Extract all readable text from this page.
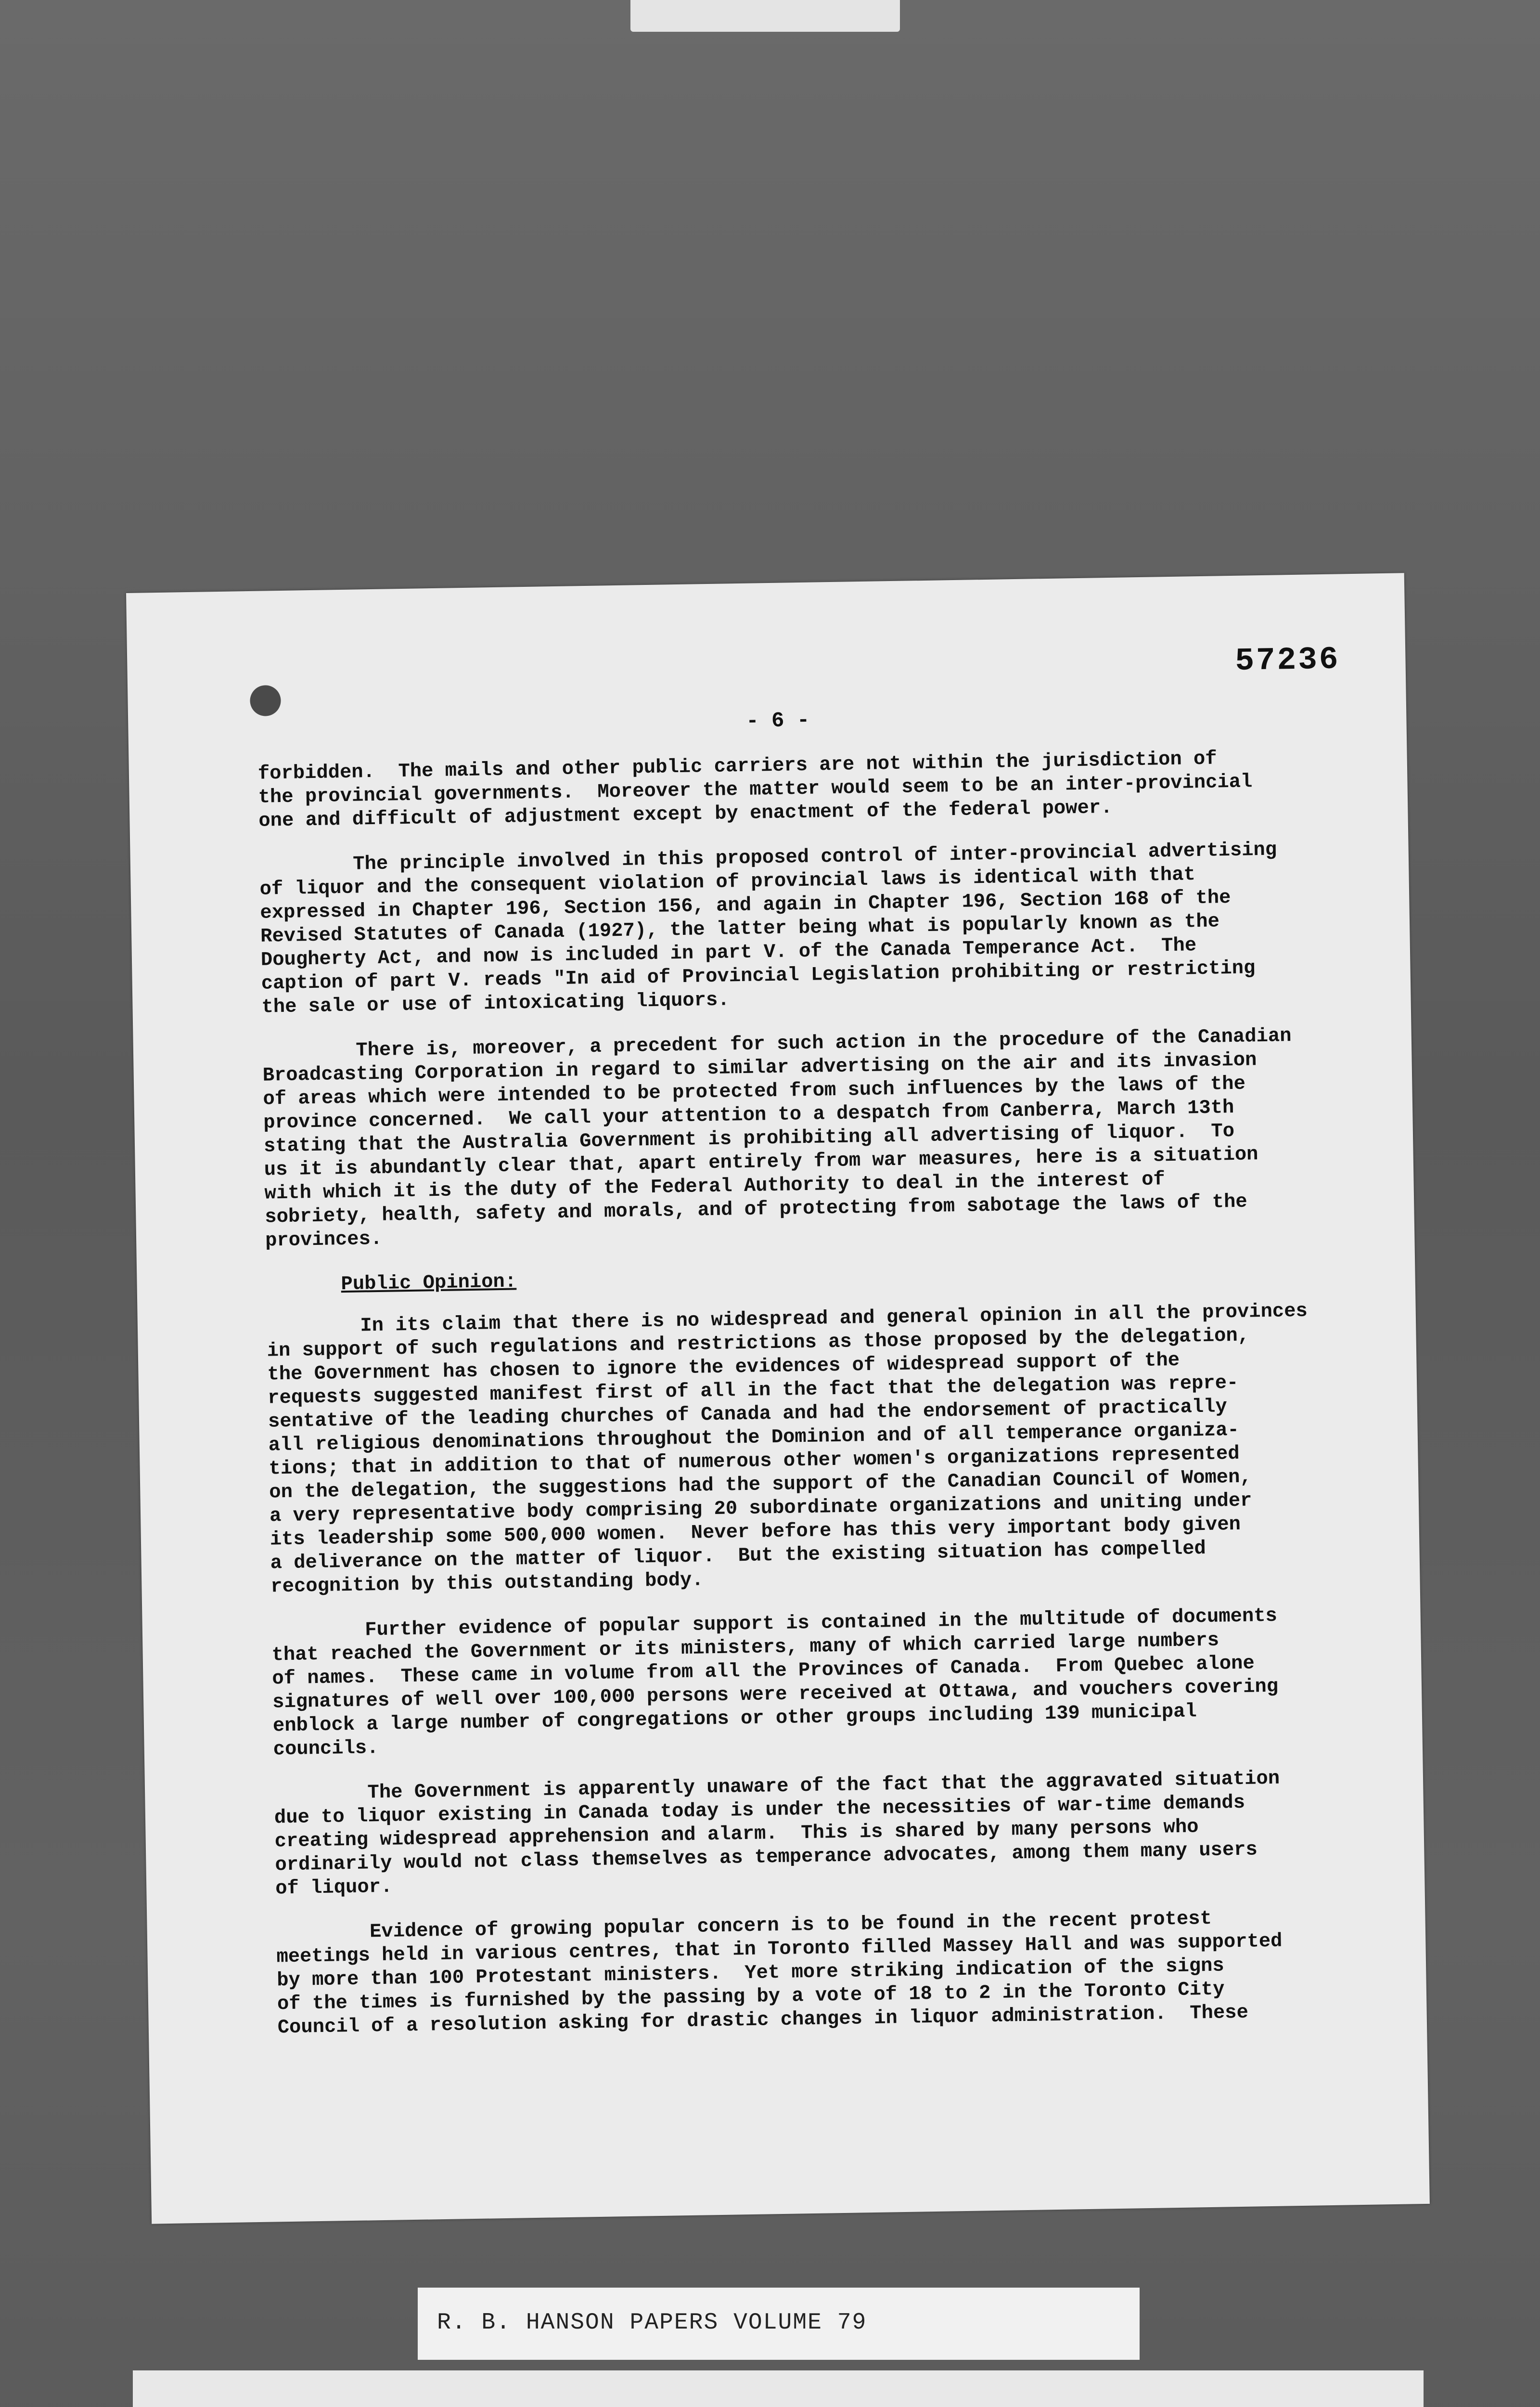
57236
- 6 -

forbidden.  The mails and other public carriers are not within the jurisdiction of
the provincial governments.  Moreover the matter would seem to be an inter-provincial
one and difficult of adjustment except by enactment of the federal power.

The principle involved in this proposed control of inter-provincial advertising
of liquor and the consequent violation of provincial laws is identical with that
expressed in Chapter 196, Section 156, and again in Chapter 196, Section 168 of the
Revised Statutes of Canada (1927), the latter being what is popularly known as the
Dougherty Act, and now is included in part V. of the Canada Temperance Act.  The
caption of part V. reads "In aid of Provincial Legislation prohibiting or restricting
the sale or use of intoxicating liquors.

There is, moreover, a precedent for such action in the procedure of the Canadian
Broadcasting Corporation in regard to similar advertising on the air and its invasion
of areas which were intended to be protected from such influences by the laws of the
province concerned.  We call your attention to a despatch from Canberra, March 13th
stating that the Australia Government is prohibiting all advertising of liquor.  To
us it is abundantly clear that, apart entirely from war measures, here is a situation
with which it is the duty of the Federal Authority to deal in the interest of
sobriety, health, safety and morals, and of protecting from sabotage the laws of the
provinces.

Public Opinion:

In its claim that there is no widespread and general opinion in all the provinces
in support of such regulations and restrictions as those proposed by the delegation,
the Government has chosen to ignore the evidences of widespread support of the
requests suggested manifest first of all in the fact that the delegation was repre-
sentative of the leading churches of Canada and had the endorsement of practically
all religious denominations throughout the Dominion and of all temperance organiza-
tions; that in addition to that of numerous other women's organizations represented
on the delegation, the suggestions had the support of the Canadian Council of Women,
a very representative body comprising 20 subordinate organizations and uniting under
its leadership some 500,000 women.  Never before has this very important body given
a deliverance on the matter of liquor.  But the existing situation has compelled
recognition by this outstanding body.

Further evidence of popular support is contained in the multitude of documents
that reached the Government or its ministers, many of which carried large numbers
of names.  These came in volume from all the Provinces of Canada.  From Quebec alone
signatures of well over 100,000 persons were received at Ottawa, and vouchers covering
enblock a large number of congregations or other groups including 139 municipal
councils.

The Government is apparently unaware of the fact that the aggravated situation
due to liquor existing in Canada today is under the necessities of war-time demands
creating widespread apprehension and alarm.  This is shared by many persons who
ordinarily would not class themselves as temperance advocates, among them many users
of liquor.

Evidence of growing popular concern is to be found in the recent protest
meetings held in various centres, that in Toronto filled Massey Hall and was supported
by more than 100 Protestant ministers.  Yet more striking indication of the signs
of the times is furnished by the passing by a vote of 18 to 2 in the Toronto City
Council of a resolution asking for drastic changes in liquor administration.  These

R. B. HANSON PAPERS VOLUME 79
